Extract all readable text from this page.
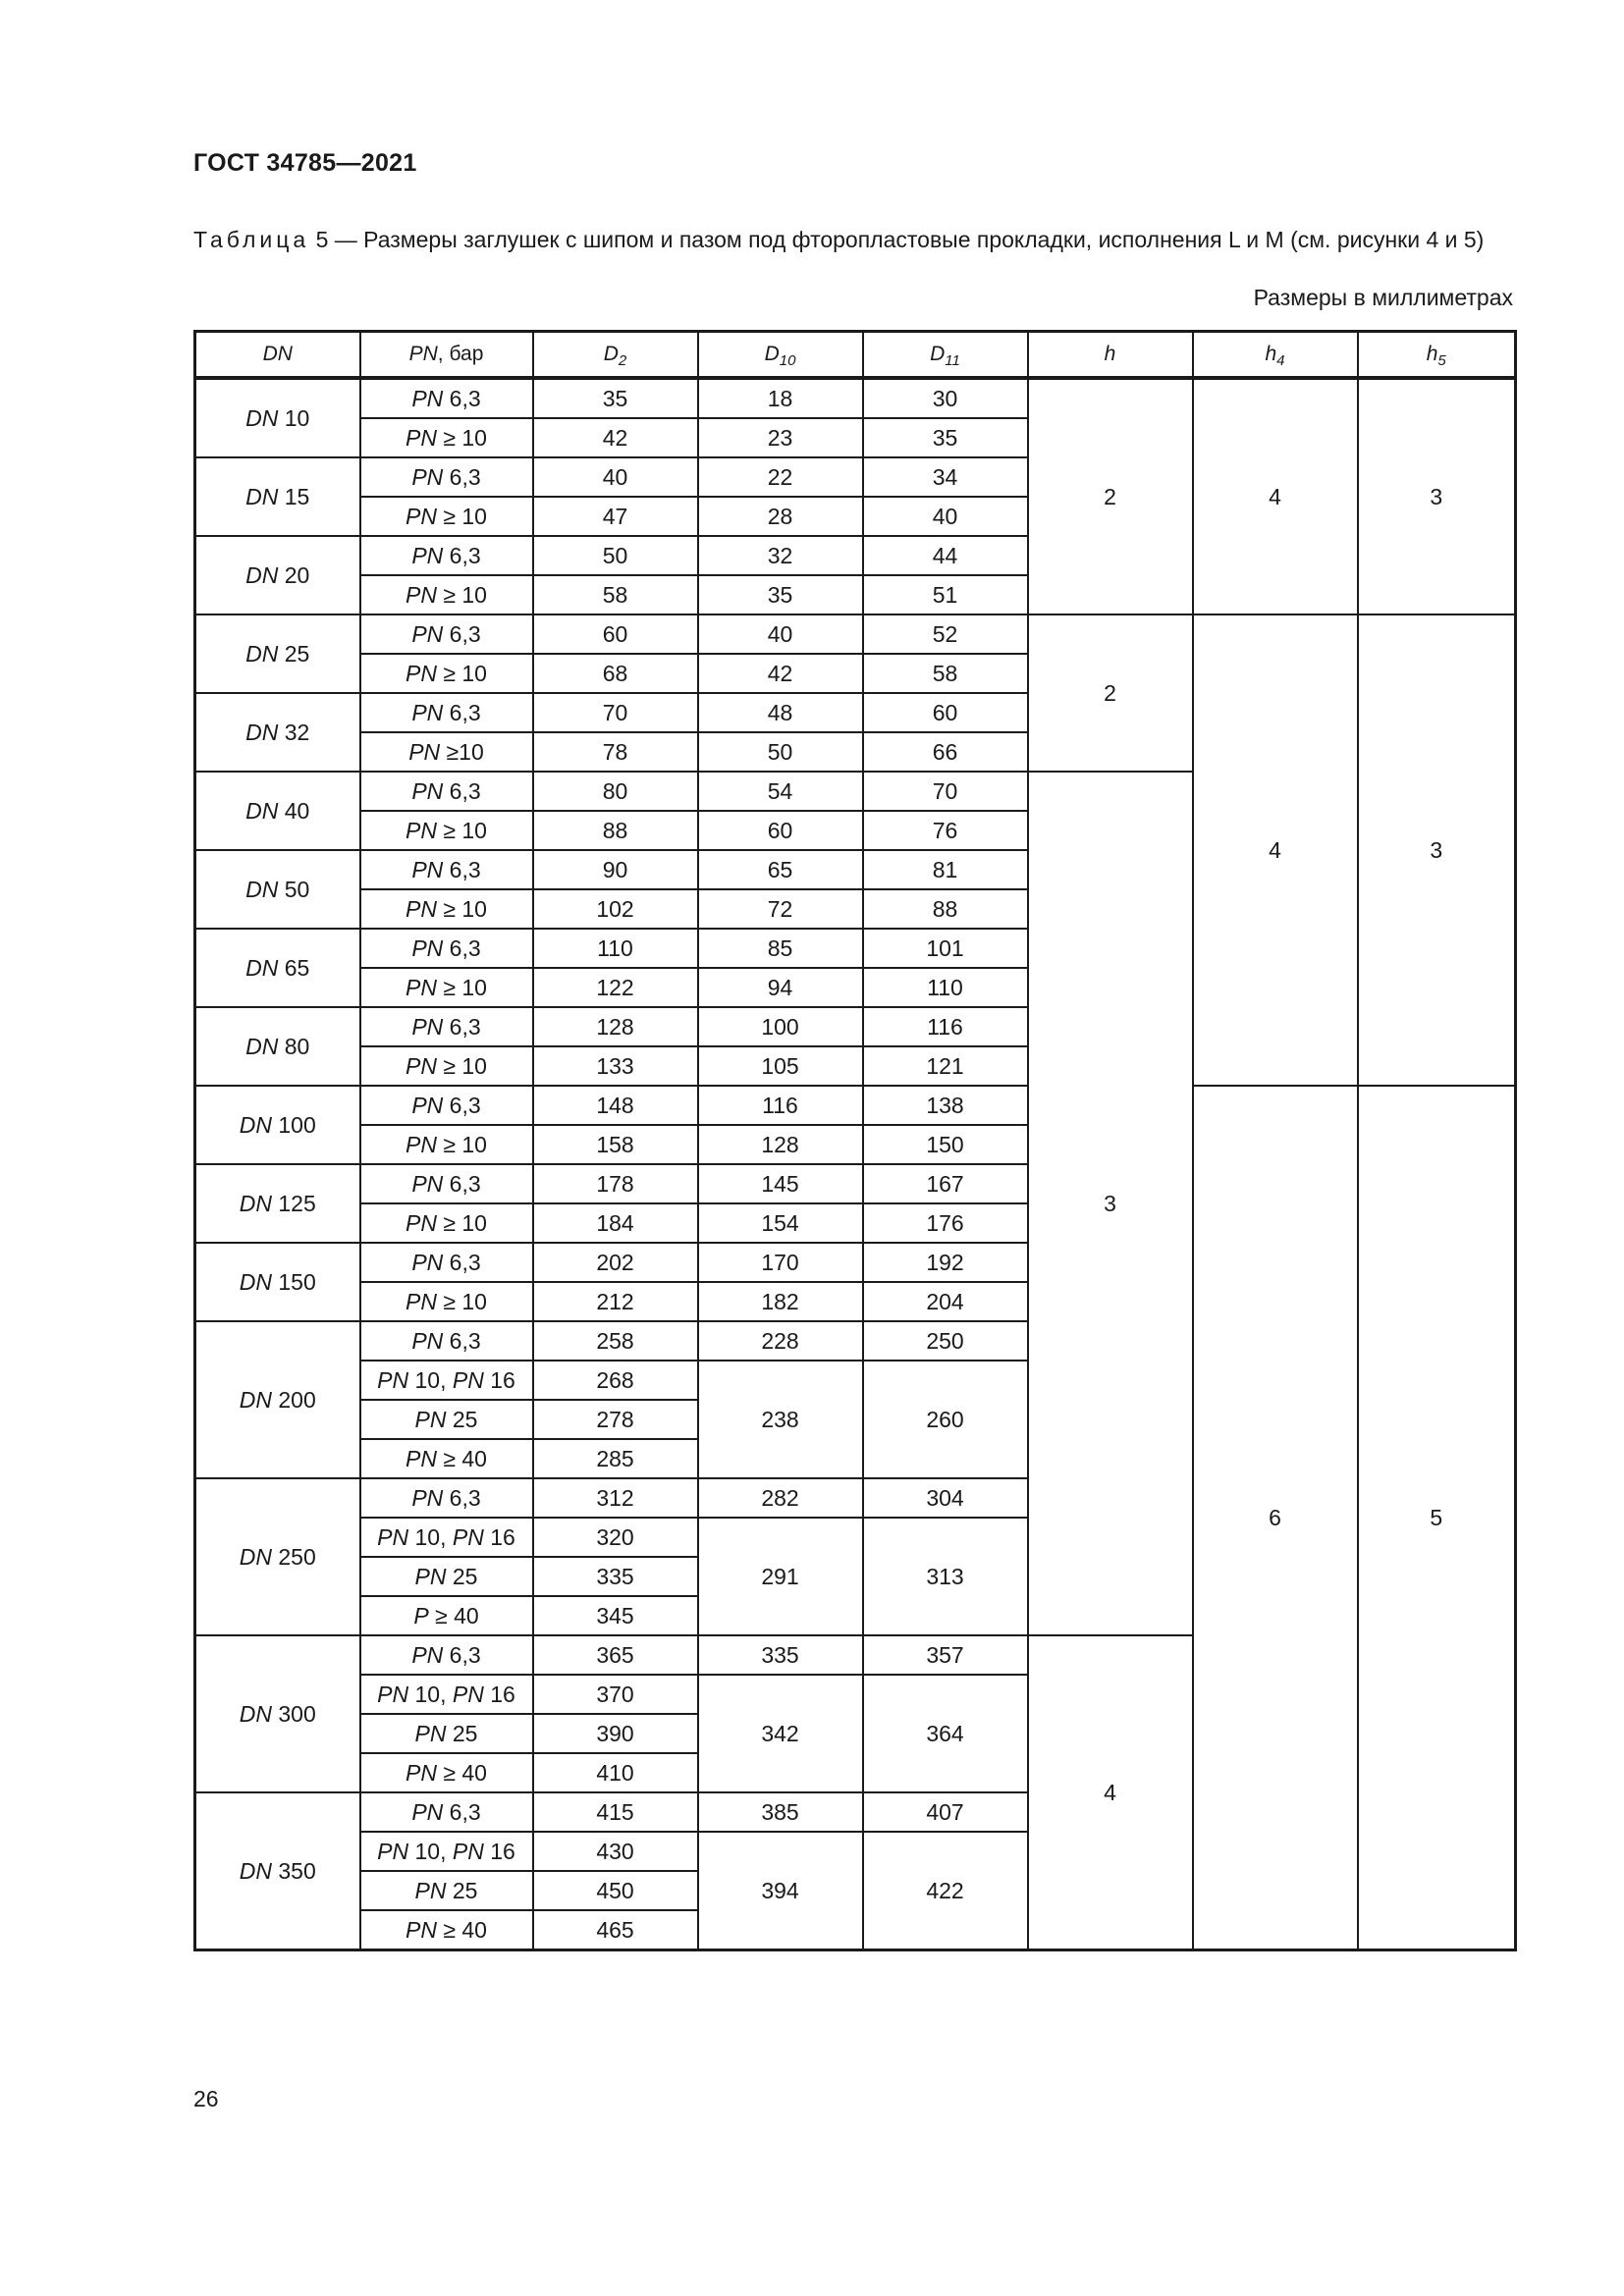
ГОСТ 34785—2021
Таблица 5 — Размеры заглушек с шипом и пазом под фторопластовые прокладки, исполнения L и M (см. рисунки 4 и 5)
Размеры в миллиметрах
DN	PN, бар	$D_2$	$D_{10}$	$D_{11}$	h	$h_4$	$h_5$
DN 10	PN 6,3	35	18	30	2	4	3
	PN ≥ 10	42	23	35			
DN 15	PN 6,3	40	22	34			
	PN ≥ 10	47	28	40			
DN 20	PN 6,3	50	32	44			
	PN ≥ 10	58	35	51			
DN 25	PN 6,3	60	40	52	2	4	3
	PN ≥ 10	68	42	58			
DN 32	PN 6,3	70	48	60			
	PN ≥10	78	50	66			
DN 40	PN 6,3	80	54	70	3		
	PN ≥ 10	88	60	76			
DN 50	PN 6,3	90	65	81			
	PN ≥ 10	102	72	88			
DN 65	PN 6,3	110	85	101			
	PN ≥ 10	122	94	110			
DN 80	PN 6,3	128	100	116			
	PN ≥ 10	133	105	121			
DN 100	PN 6,3	148	116	138		6	5
	PN ≥ 10	158	128	150			
DN 125	PN 6,3	178	145	167			
	PN ≥ 10	184	154	176			
DN 150	PN 6,3	202	170	192			
	PN ≥ 10	212	182	204			
DN 200	PN 6,3	258	228	250			
	PN 10, PN 16	268	238	260			
	PN 25	278					
	PN ≥ 40	285					
DN 250	PN 6,3	312	282	304			
	PN 10, PN 16	320	291	313			
	PN 25	335					
	P ≥ 40	345					
DN 300	PN 6,3	365	335	357	4		
	PN 10, PN 16	370	342	364			
	PN 25	390					
	PN ≥ 40	410					
DN 350	PN 6,3	415	385	407			
	PN 10, PN 16	430	394	422			
	PN 25	450					
	PN ≥ 40	465					
26
